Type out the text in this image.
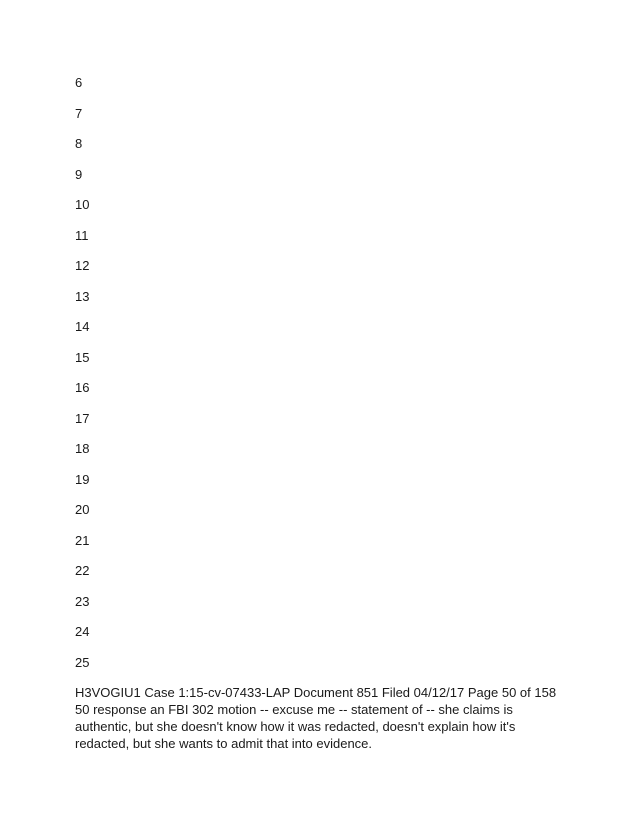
6
7
8
9
10
11
12
13
14
15
16
17
18
19
20
21
22
23
24
25

H3VOGIU1 Case 1:15-cv-07433-LAP Document 851 Filed 04/12/17 Page 50 of 158 50 response an FBI 302 motion -- excuse me -- statement of -- she claims is authentic, but she doesn't know how it was redacted, doesn't explain how it's redacted, but she wants to admit that into evidence.
